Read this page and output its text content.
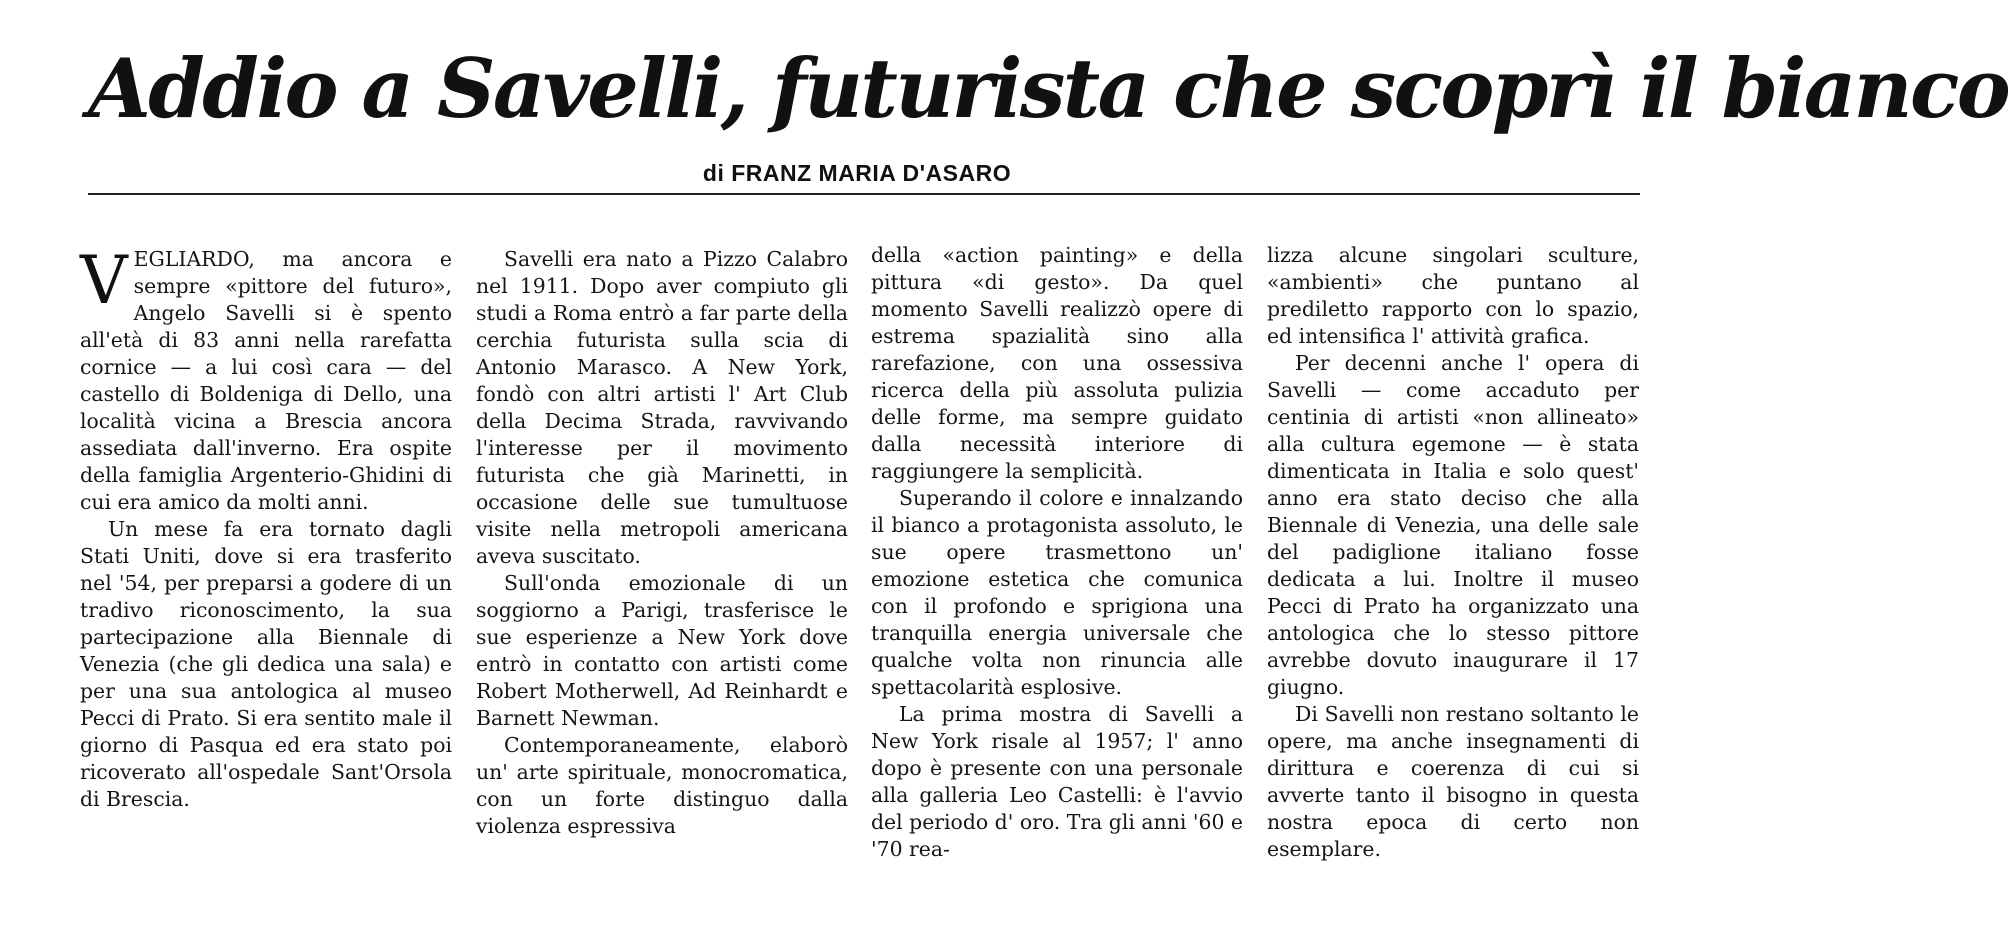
Addio a Savelli, futurista che scoprì il bianco
di FRANZ MARIA D'ASARO

VEGLIARDO, ma ancora e sempre «pittore del futuro», Angelo Savelli si è spento all'età di 83 anni nella rarefatta cornice — a lui così cara — del castello di Boldeniga di Dello, una località vicina a Brescia ancora assediata dall'inverno. Era ospite della famiglia Argenterio-Ghidini di cui era amico da molti anni.

Un mese fa era tornato dagli Stati Uniti, dove si era trasferito nel '54, per preparsi a godere di un tradivo riconoscimento, la sua partecipazione alla Biennale di Venezia (che gli dedica una sala) e per una sua antologica al museo Pecci di Prato. Si era sentito male il giorno di Pasqua ed era stato poi ricoverato all'ospedale Sant'Orsola di Brescia.

Savelli era nato a Pizzo Calabro nel 1911. Dopo aver compiuto gli studi a Roma entrò a far parte della cerchia futurista sulla scia di Antonio Marasco. A New York, fondò con altri artisti l' Art Club della Decima Strada, ravvivando l'interesse per il movimento futurista che già Marinetti, in occasione delle sue tumultuose visite nella metropoli americana aveva suscitato.

Sull'onda emozionale di un soggiorno a Parigi, trasferisce le sue esperienze a New York dove entrò in contatto con artisti come Robert Motherwell, Ad Reinhardt e Barnett Newman.

Contemporaneamente, elaborò un' arte spirituale, monocromatica, con un forte distinguo dalla violenza espressiva

della «action painting» e della pittura «di gesto». Da quel momento Savelli realizzò opere di estrema spazialità sino alla rarefazione, con una ossessiva ricerca della più assoluta pulizia delle forme, ma sempre guidato dalla necessità interiore di raggiungere la semplicità.

Superando il colore e innalzando il bianco a protagonista assoluto, le sue opere trasmettono un' emozione estetica che comunica con il profondo e sprigiona una tranquilla energia universale che qualche volta non rinuncia alle spettacolarità esplosive.

La prima mostra di Savelli a New York risale al 1957; l' anno dopo è presente con una personale alla galleria Leo Castelli: è l'avvio del periodo d' oro. Tra gli anni '60 e '70 rea-

lizza alcune singolari sculture, «ambienti» che puntano al prediletto rapporto con lo spazio, ed intensifica l' attività grafica.

Per decenni anche l' opera di Savelli — come accaduto per centinia di artisti «non allineato» alla cultura egemone — è stata dimenticata in Italia e solo quest' anno era stato deciso che alla Biennale di Venezia, una delle sale del padiglione italiano fosse dedicata a lui. Inoltre il museo Pecci di Prato ha organizzato una antologica che lo stesso pittore avrebbe dovuto inaugurare il 17 giugno.

Di Savelli non restano soltanto le opere, ma anche insegnamenti di dirittura e coerenza di cui si avverte tanto il bisogno in questa nostra epoca di certo non esemplare.
